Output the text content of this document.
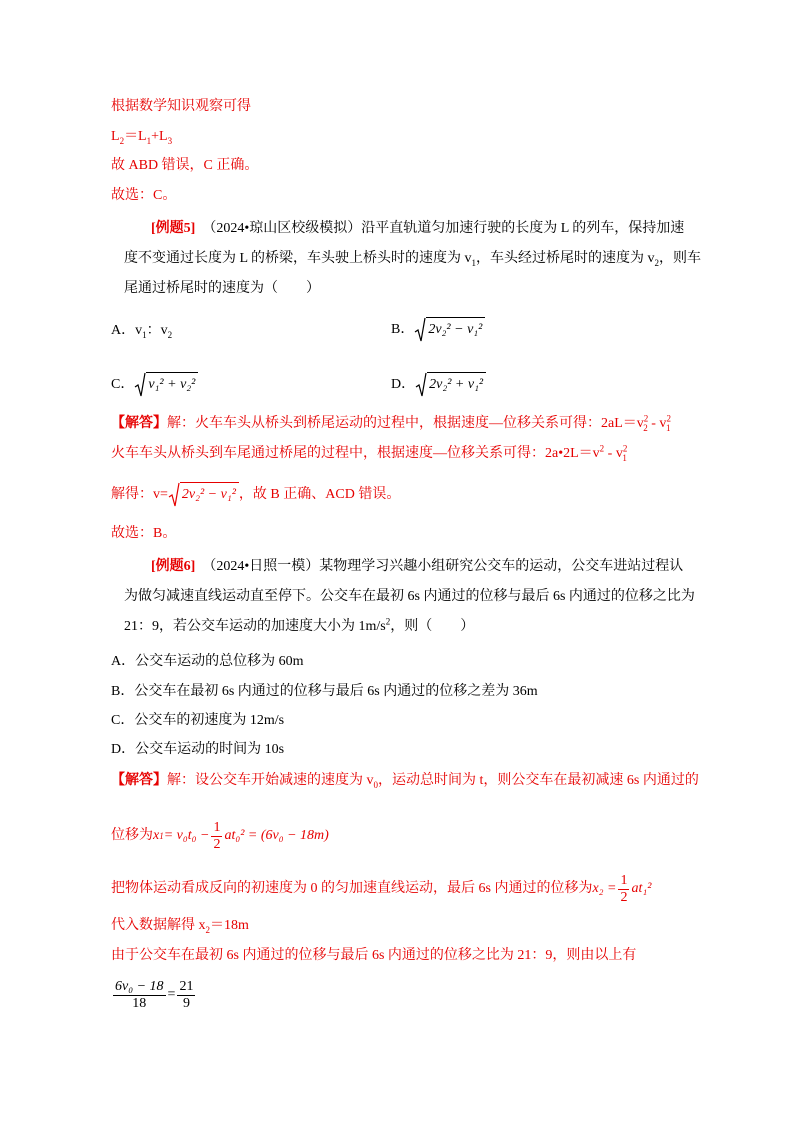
根据数学知识观察可得
$L_2=L_1+L_3$
故 ABD 错误，C 正确。
故选：C。
[例题5] （2024•琼山区校级模拟）沿平直轨道匀加速行驶的长度为 L 的列车，保持加速
度不变通过长度为 L 的桥梁，车头驶上桥头时的速度为 $v_1$，车头经过桥尾时的速度为 $v_2$，则车
尾通过桥尾时的速度为（　　）
A．$v_1$：$v_2$	B． 2v₂² − v₁²
C． v₁² + v₂²	D． 2v₂² + v₁²
【解答】解：火车车头从桥头到桥尾运动的过程中，根据速度—位移关系可得：$2aL=v^2_2 - v^2_1$
火车车头从桥头到车尾通过桥尾的过程中，根据速度—位移关系可得：$2a•2L=v^2 - v^2_1$
解得：v= 2v₂² − v₁² ，故 B 正确、ACD 错误。
故选：B。
[例题6] （2024•日照一模）某物理学习兴趣小组研究公交车的运动，公交车进站过程认
为做匀减速直线运动直至停下。公交车在最初 6s 内通过的位移与最后 6s 内通过的位移之比为
21：9，若公交车运动的加速度大小为 $1m/s^2$，则（　　）
A．公交车运动的总位移为 60m
B．公交车在最初 6s 内通过的位移与最后 6s 内通过的位移之差为 36m
C．公交车的初速度为 12m/s
D．公交车运动的时间为 10s
【解答】解：设公交车开始减速的速度为 $v_0$，运动总时间为 t，则公交车在最初减速 6s 内通过的
位移为 x $1 = v_0t_0 - \frac{1}{2} at_0^2 = (6v_0 - 18m)$
把物体运动看成反向的初速度为 0 的匀加速直线运动，最后 6s 内通过的位移为 $x_2 = \frac{1}{2} at_1^2$
代入数据解得 $x_2=18m$
由于公交车在最初 6s 内通过的位移与最后 6s 内通过的位移之比为 21：9，则由以上有
$\frac{\text{6v₀ − 18}}{18} = \frac{21}{9}$
